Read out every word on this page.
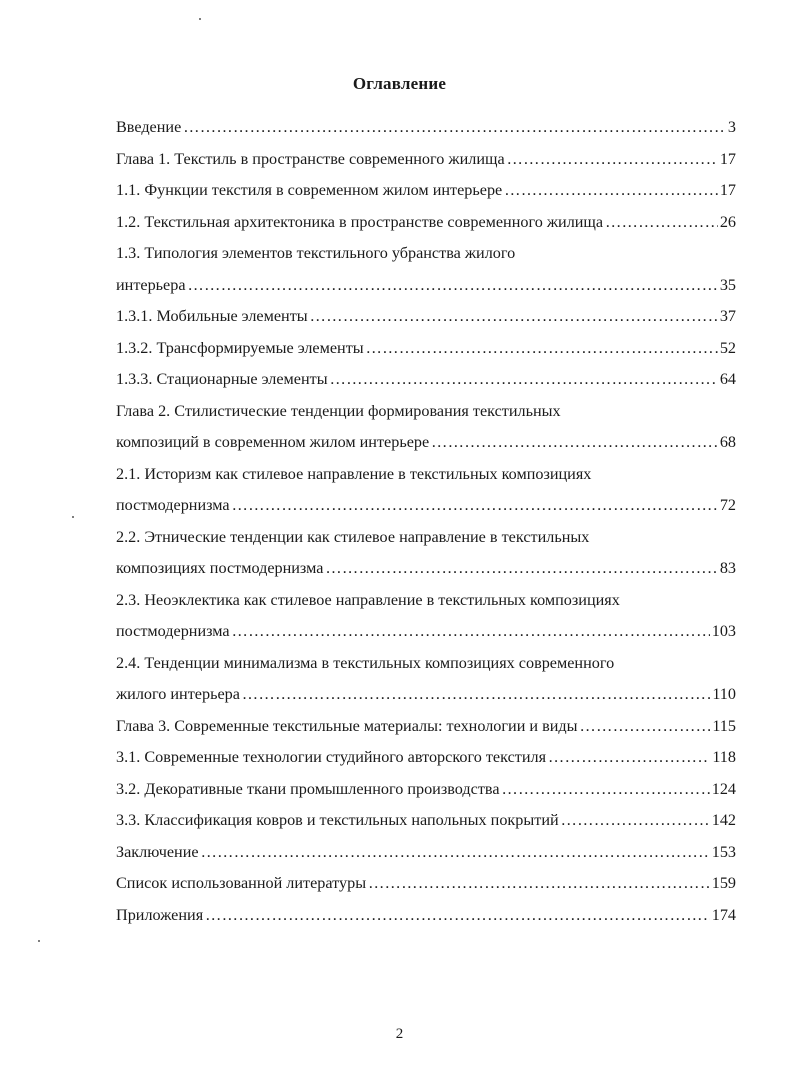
Оглавление
Введение ……………………………………………………………………………………………………………………………………………………	3
Глава 1. Текстиль в пространстве современного жилища ……………………………………………………………………………………………………………………………………………………	17
1.1. Функции текстиля в современном жилом интерьере ……………………………………………………………………………………………………………………………………………………	17
1.2. Текстильная архитектоника в пространстве современного жилища ……………………………………………………………………………………………………………………………………………………	26
1.3. Типология элементов текстильного убранства жилого
интерьера ……………………………………………………………………………………………………………………………………………………	35
1.3.1. Мобильные элементы ……………………………………………………………………………………………………………………………………………………	37
1.3.2. Трансформируемые элементы ……………………………………………………………………………………………………………………………………………………	52
1.3.3. Стационарные элементы ……………………………………………………………………………………………………………………………………………………	64
Глава 2. Стилистические тенденции формирования текстильных
композиций в современном жилом интерьере ……………………………………………………………………………………………………………………………………………………	68
2.1. Историзм как стилевое направление в текстильных композициях
постмодернизма ……………………………………………………………………………………………………………………………………………………	72
2.2. Этнические тенденции как стилевое направление в текстильных
композициях постмодернизма ……………………………………………………………………………………………………………………………………………………	83
2.3. Неоэклектика как стилевое направление в текстильных композициях
постмодернизма ……………………………………………………………………………………………………………………………………………………	103
2.4. Тенденции минимализма в текстильных композициях современного
жилого интерьера ……………………………………………………………………………………………………………………………………………………	110
Глава 3. Современные текстильные материалы: технологии и виды ……………………………………………………………………………………………………………………………………………………	115
3.1. Современные технологии студийного авторского текстиля ……………………………………………………………………………………………………………………………………………………	118
3.2. Декоративные ткани промышленного производства ……………………………………………………………………………………………………………………………………………………	124
3.3. Классификация ковров и текстильных напольных покрытий ……………………………………………………………………………………………………………………………………………………	142
Заключение ……………………………………………………………………………………………………………………………………………………	153
Список использованной литературы ……………………………………………………………………………………………………………………………………………………	159
Приложения ……………………………………………………………………………………………………………………………………………………	174
2
